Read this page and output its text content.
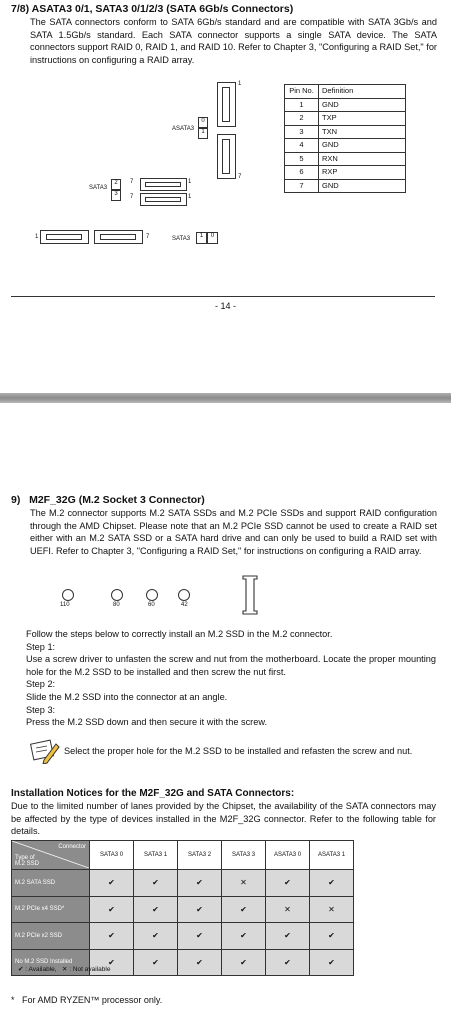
7/8) ASATA3 0/1, SATA3 0/1/2/3 (SATA 6Gb/s Connectors)
The SATA connectors conform to SATA 6Gb/s standard and are compatible with SATA 3Gb/s and SATA 1.5Gb/s standard. Each SATA connector supports a single SATA device. The SATA connectors support RAID 0, RAID 1, and RAID 10. Refer to Chapter 3, "Configuring a RAID Set," for instructions on configuring a RAID array.
ASATA3
0
1
1
7
SATA3
2
3
7
7
1
1
1	7	SATA3	1	0
Pin No.	Definition
1	GND
2	TXP
3	TXN
4	GND
5	RXN
6	RXP
7	GND
- 14 -
9)   M2F_32G (M.2 Socket 3 Connector)
The M.2 connector supports M.2 SATA SSDs and M.2 PCIe SSDs and support RAID configuration through the AMD Chipset. Please note that an M.2 PCIe SSD cannot be used to create a RAID set either with an M.2 SATA SSD or a SATA hard drive and can only be used to build a RAID set with UEFI. Refer to Chapter 3, "Configuring a RAID Set," for instructions on configuring a RAID array.
110	80	60	42
Follow the steps below to correctly install an M.2 SSD in the M.2 connector.
Step 1:
Use a screw driver to unfasten the screw and nut from the motherboard. Locate the proper mounting hole for the M.2 SSD to be installed and then screw the nut first.
Step 2:
Slide the M.2 SSD into the connector at an angle.
Step 3:
Press the M.2 SSD down and then secure it with the screw.
Select the proper hole for the M.2 SSD to be installed and refasten the screw and nut.
Installation Notices for the M2F_32G and SATA Connectors:
Due to the limited number of lanes provided by the Chipset, the availability of the SATA connectors may be affected by the type of devices installed in the M2F_32G connector. Refer to the following table for details.
Connector
Type of M.2 SSD	SATA3 0	SATA3 1	SATA3 2	SATA3 3	ASATA3 0	ASATA3 1
M.2 SATA SSD	✔	✔	✔	✕	✔	✔
M.2 PCIe x4 SSD*	✔	✔	✔	✔	✕	✕
M.2 PCIe x2 SSD	✔	✔	✔	✔	✔	✔
No M.2 SSD Installed	✔	✔	✔	✔	✔	✔
✔ : Available,   ✕ : Not available
*   For AMD RYZEN™ processor only.
